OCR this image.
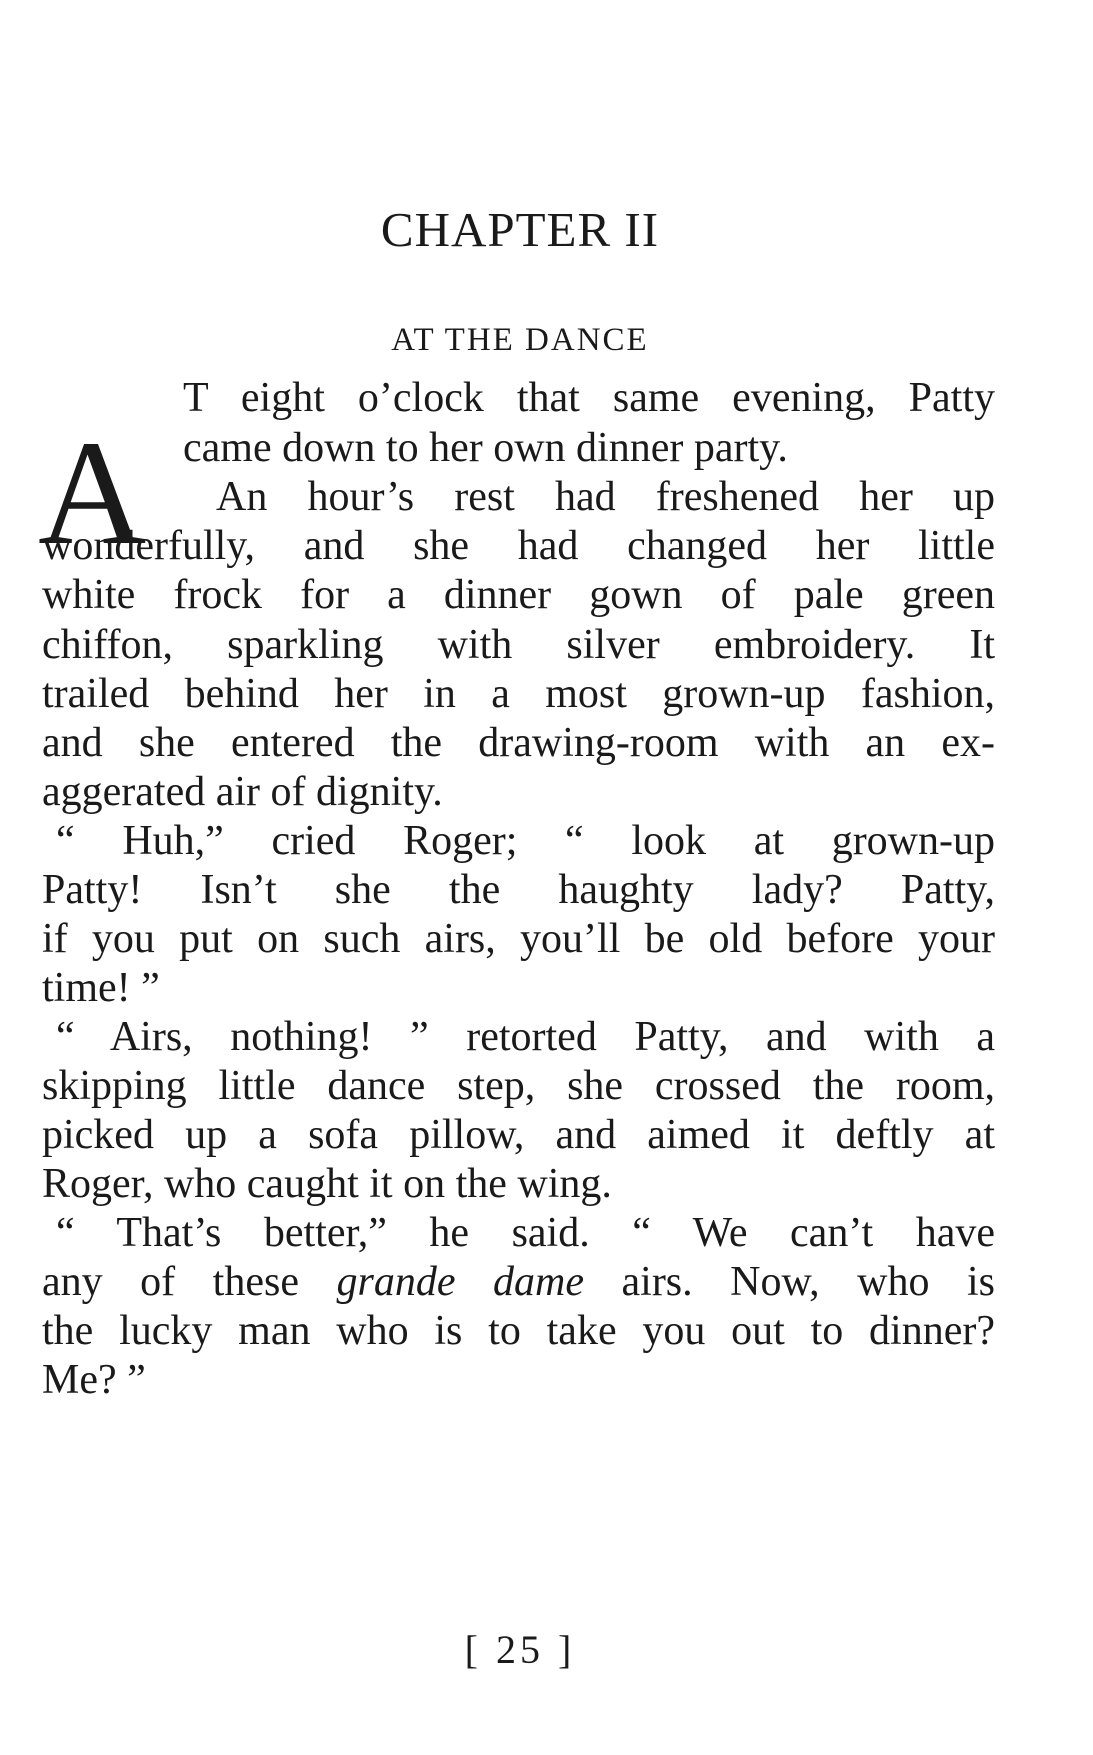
CHAPTER II
AT THE DANCE
A
T eight o’clock that same evening, Patty
came down to her own dinner party.
An hour’s rest had freshened her up
wonderfully, and she had changed her little
white frock for a dinner gown of pale green
chiffon, sparkling with silver embroidery. It
trailed behind her in a most grown-up fashion,
and she entered the drawing-room with an ex-
aggerated air of dignity.
“ Huh,” cried Roger; “ look at grown-up
Patty! Isn’t she the haughty lady? Patty,
if you put on such airs, you’ll be old before your
time! ”
“ Airs, nothing! ” retorted Patty, and with a
skipping little dance step, she crossed the room,
picked up a sofa pillow, and aimed it deftly at
Roger, who caught it on the wing.
“ That’s better,” he said. “ We can’t have
any of these grande dame airs. Now, who is
the lucky man who is to take you out to dinner?
Me? ”
[ 25 ]
